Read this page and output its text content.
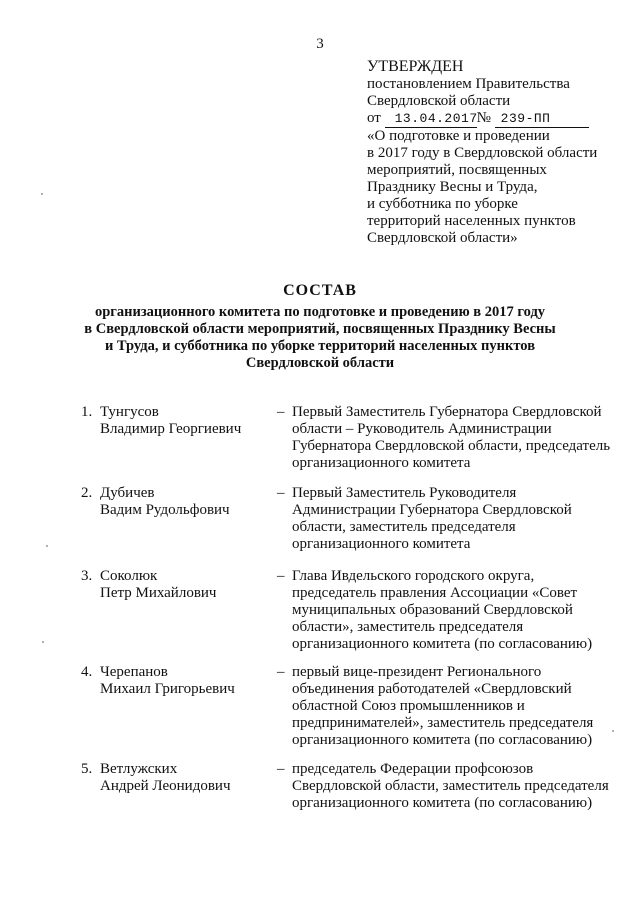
3
УТВЕРЖДЕН
постановлением Правительства
Свердловской области
от 13.04.2017№ 239-ПП
«О подготовке и проведении
в 2017 году в Свердловской области
мероприятий, посвященных
Празднику Весны и Труда,
и субботника по уборке
территорий населенных пунктов
Свердловской области»
СОСТАВ
организационного комитета по подготовке и проведению в 2017 году
в Свердловской области мероприятий, посвященных Празднику Весны
и Труда, и субботника по уборке территорий населенных пунктов
Свердловской области
1. Тунгусов
Владимир Георгиевич
– Первый Заместитель Губернатора Свердловской
области – Руководитель Администрации
Губернатора Свердловской области, председатель
организационного комитета
2. Дубичев
Вадим Рудольфович
– Первый Заместитель Руководителя
Администрации Губернатора Свердловской
области, заместитель председателя
организационного комитета
3. Соколюк
Петр Михайлович
– Глава Ивдельского городского округа,
председатель правления Ассоциации «Совет
муниципальных образований Свердловской
области», заместитель председателя
организационного комитета (по согласованию)
4. Черепанов
Михаил Григорьевич
– первый вице-президент Регионального
объединения работодателей «Свердловский
областной Союз промышленников и
предпринимателей», заместитель председателя
организационного комитета (по согласованию)
5. Ветлужских
Андрей Леонидович
– председатель Федерации профсоюзов
Свердловской области, заместитель председателя
организационного комитета (по согласованию)
